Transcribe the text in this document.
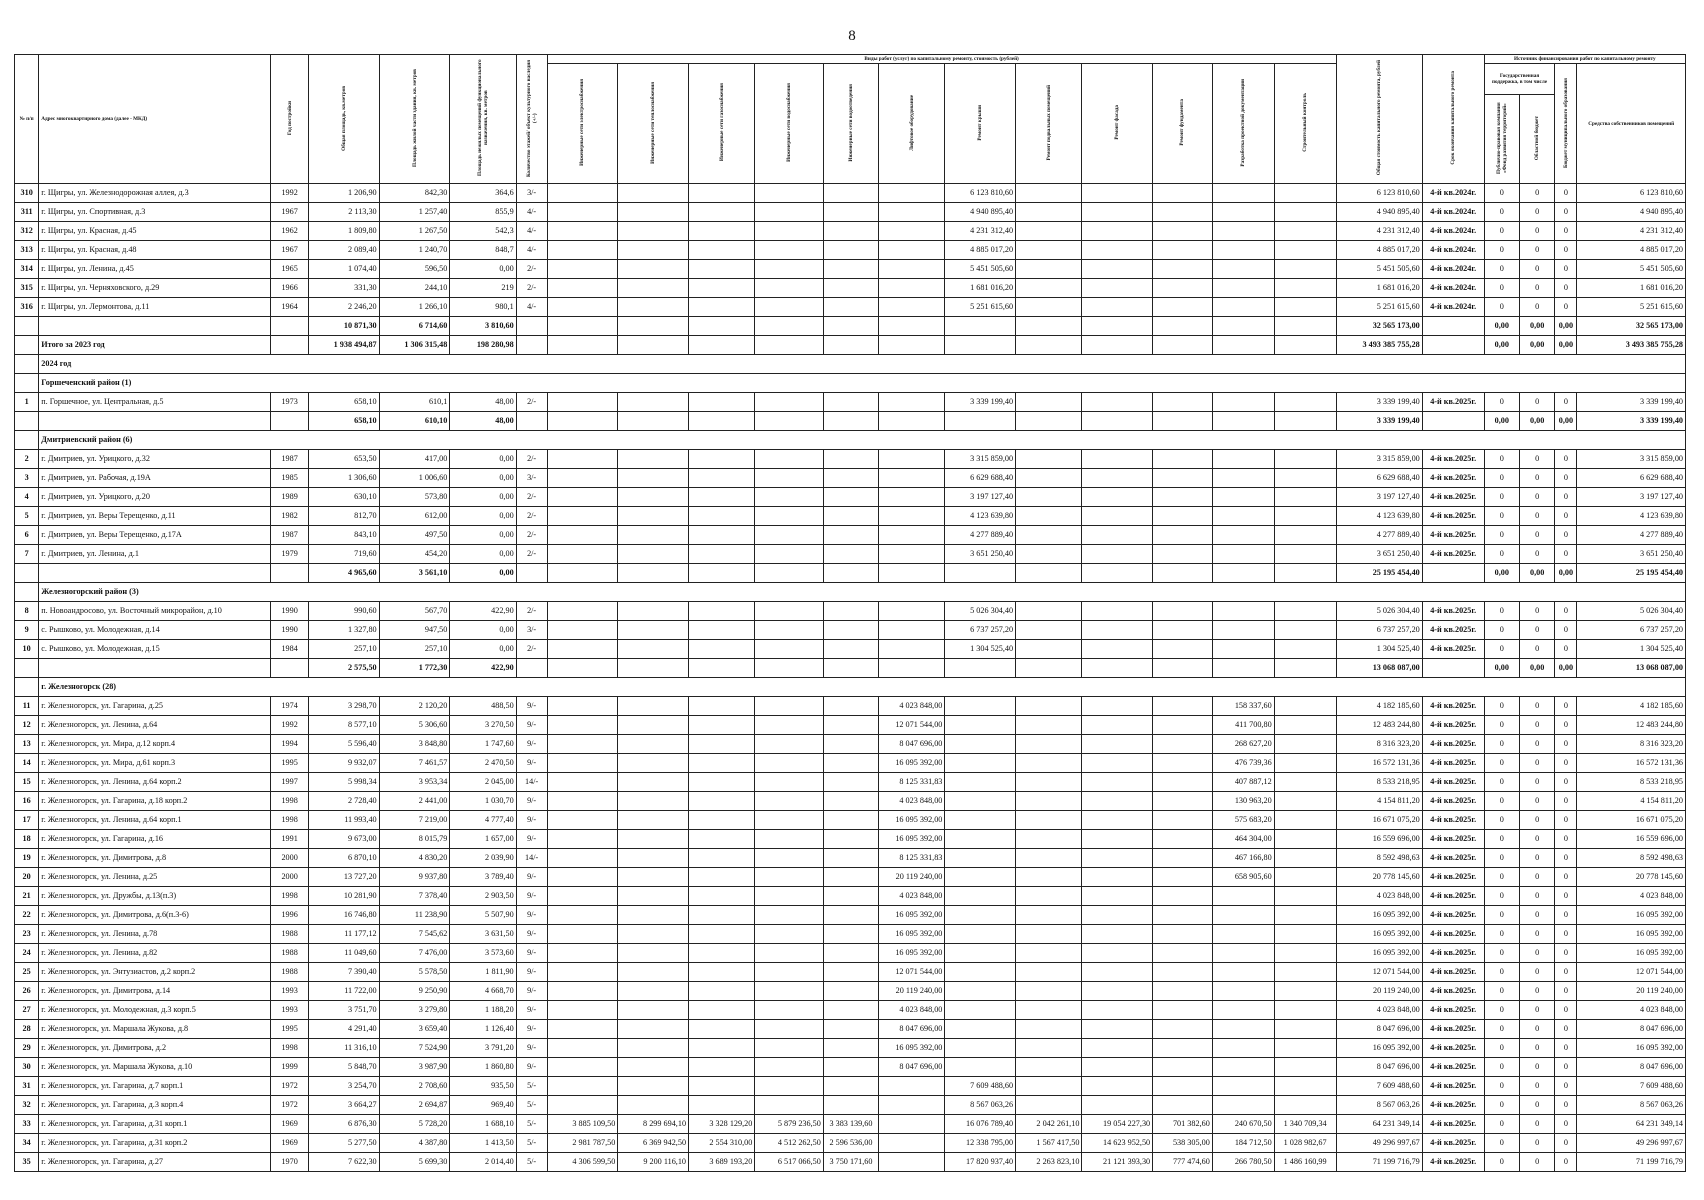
8
№ п/п	Адрес многоквартирного дома (далее - МКД)	Год постройки	Общая площадь, кв.метров	Площадь жилой части здания, кв. метров	Площадь нежилых помещений функционального назначения, кв. метров	Количество этажей/ объект культурного наследия (+/-)	Виды работ (услуг) по капитальному ремонту, стоимость (рублей)												Общая стоимость капитального ремонта, рублей	Срок окончания капитального ремонта	Источник финансирования работ по капитальному ремонту			
							Инженерные сети электроснабжения	Инженерные сети теплоснабжения	Инженерные сети газоснабжения	Инженерные сети водоснабжения	Инженерные сети водоотведения	Лифтовое оборудование	Ремонт крыши	Ремонт подвальных помещений	Ремонт фасада	Ремонт фундамента	Разработка проектной документации	Строительный контроль			Государственная поддержка, в том числе		Бюджет муниципального образования	Средства собственников помещений
																					Публично-правовая компания «Фонд развития территорий»	Областной бюджет		
310	г. Щигры, ул. Железнодорожная аллея, д.3	1992	1 206,90	842,30	364,6	3/-							6 123 810,60						6 123 810,60	4-й кв.2024г.	0	0	0	6 123 810,60
311	г. Щигры, ул. Спортивная, д.3	1967	2 113,30	1 257,40	855,9	4/-							4 940 895,40						4 940 895,40	4-й кв.2024г.	0	0	0	4 940 895,40
312	г. Щигры, ул. Красная, д.45	1962	1 809,80	1 267,50	542,3	4/-							4 231 312,40						4 231 312,40	4-й кв.2024г.	0	0	0	4 231 312,40
313	г. Щигры, ул. Красная, д.48	1967	2 089,40	1 240,70	848,7	4/-							4 885 017,20						4 885 017,20	4-й кв.2024г.	0	0	0	4 885 017,20
314	г. Щигры, ул. Ленина, д.45	1965	1 074,40	596,50	0,00	2/-							5 451 505,60						5 451 505,60	4-й кв.2024г.	0	0	0	5 451 505,60
315	г. Щигры, ул. Черняховского, д.29	1966	331,30	244,10	219	2/-							1 681 016,20						1 681 016,20	4-й кв.2024г.	0	0	0	1 681 016,20
316	г. Щигры, ул. Лермонтова, д.11	1964	2 246,20	1 266,10	980,1	4/-							5 251 615,60						5 251 615,60	4-й кв.2024г.	0	0	0	5 251 615,60
			10 871,30	6 714,60	3 810,60														32 565 173,00		0,00	0,00	0,00	32 565 173,00
	Итого за 2023 год		1 938 494,87	1 306 315,48	198 280,98														3 493 385 755,28		0,00	0,00	0,00	3 493 385 755,28
	2024 год																							
	Горшеченский район (1)																							
1	п. Горшечное, ул. Центральная, д.5	1973	658,10	610,1	48,00	2/-							3 339 199,40						3 339 199,40	4-й кв.2025г.	0	0	0	3 339 199,40
			658,10	610,10	48,00														3 339 199,40		0,00	0,00	0,00	3 339 199,40
	Дмитриевский район (6)																							
2	г. Дмитриев, ул. Урицкого, д.32	1987	653,50	417,00	0,00	2/-							3 315 859,00						3 315 859,00	4-й кв.2025г.	0	0	0	3 315 859,00
3	г. Дмитриев, ул. Рабочая, д.19А	1985	1 306,60	1 006,60	0,00	3/-							6 629 688,40						6 629 688,40	4-й кв.2025г.	0	0	0	6 629 688,40
4	г. Дмитриев, ул. Урицкого, д.20	1989	630,10	573,80	0,00	2/-							3 197 127,40						3 197 127,40	4-й кв.2025г.	0	0	0	3 197 127,40
5	г. Дмитриев, ул. Веры Терещенко, д.11	1982	812,70	612,00	0,00	2/-							4 123 639,80						4 123 639,80	4-й кв.2025г.	0	0	0	4 123 639,80
6	г. Дмитриев, ул. Веры Терещенко, д.17А	1987	843,10	497,50	0,00	2/-							4 277 889,40						4 277 889,40	4-й кв.2025г.	0	0	0	4 277 889,40
7	г. Дмитриев, ул. Ленина, д.1	1979	719,60	454,20	0,00	2/-							3 651 250,40						3 651 250,40	4-й кв.2025г.	0	0	0	3 651 250,40
			4 965,60	3 561,10	0,00														25 195 454,40		0,00	0,00	0,00	25 195 454,40
	Железногорский район (3)																							
8	п. Новоандросово, ул. Восточный микрорайон, д.10	1990	990,60	567,70	422,90	2/-							5 026 304,40						5 026 304,40	4-й кв.2025г.	0	0	0	5 026 304,40
9	с. Рышково, ул. Молодежная, д.14	1990	1 327,80	947,50	0,00	3/-							6 737 257,20						6 737 257,20	4-й кв.2025г.	0	0	0	6 737 257,20
10	с. Рышково, ул. Молодежная, д.15	1984	257,10	257,10	0,00	2/-							1 304 525,40						1 304 525,40	4-й кв.2025г.	0	0	0	1 304 525,40
			2 575,50	1 772,30	422,90														13 068 087,00		0,00	0,00	0,00	13 068 087,00
	г. Железногорск (28)																							
11	г. Железногорск, ул. Гагарина, д.25	1974	3 298,70	2 120,20	488,50	9/-						4 023 848,00					158 337,60		4 182 185,60	4-й кв.2025г.	0	0	0	4 182 185,60
12	г. Железногорск, ул. Ленина, д.64	1992	8 577,10	5 306,60	3 270,50	9/-						12 071 544,00					411 700,80		12 483 244,80	4-й кв.2025г.	0	0	0	12 483 244,80
13	г. Железногорск, ул. Мира, д.12 корп.4	1994	5 596,40	3 848,80	1 747,60	9/-						8 047 696,00					268 627,20		8 316 323,20	4-й кв.2025г.	0	0	0	8 316 323,20
14	г. Железногорск, ул. Мира, д.61 корп.3	1995	9 932,07	7 461,57	2 470,50	9/-						16 095 392,00					476 739,36		16 572 131,36	4-й кв.2025г.	0	0	0	16 572 131,36
15	г. Железногорск, ул. Ленина, д.64 корп.2	1997	5 998,34	3 953,34	2 045,00	14/-						8 125 331,83					407 887,12		8 533 218,95	4-й кв.2025г.	0	0	0	8 533 218,95
16	г. Железногорск, ул. Гагарина, д.18 корп.2	1998	2 728,40	2 441,00	1 030,70	9/-						4 023 848,00					130 963,20		4 154 811,20	4-й кв.2025г.	0	0	0	4 154 811,20
17	г. Железногорск, ул. Ленина, д.64 корп.1	1998	11 993,40	7 219,00	4 777,40	9/-						16 095 392,00					575 683,20		16 671 075,20	4-й кв.2025г.	0	0	0	16 671 075,20
18	г. Железногорск, ул. Гагарина, д.16	1991	9 673,00	8 015,79	1 657,00	9/-						16 095 392,00					464 304,00		16 559 696,00	4-й кв.2025г.	0	0	0	16 559 696,00
19	г. Железногорск, ул. Димитрова, д.8	2000	6 870,10	4 830,20	2 039,90	14/-						8 125 331,83					467 166,80		8 592 498,63	4-й кв.2025г.	0	0	0	8 592 498,63
20	г. Железногорск, ул. Ленина, д.25	2000	13 727,20	9 937,80	3 789,40	9/-						20 119 240,00					658 905,60		20 778 145,60	4-й кв.2025г.	0	0	0	20 778 145,60
21	г. Железногорск, ул. Дружбы, д.13(п.3)	1998	10 281,90	7 378,40	2 903,50	9/-						4 023 848,00							4 023 848,00	4-й кв.2025г.	0	0	0	4 023 848,00
22	г. Железногорск, ул. Димитрова, д.6(п.3-6)	1996	16 746,80	11 238,90	5 507,90	9/-						16 095 392,00							16 095 392,00	4-й кв.2025г.	0	0	0	16 095 392,00
23	г. Железногорск, ул. Ленина, д.78	1988	11 177,12	7 545,62	3 631,50	9/-						16 095 392,00							16 095 392,00	4-й кв.2025г.	0	0	0	16 095 392,00
24	г. Железногорск, ул. Ленина, д.82	1988	11 049,60	7 476,00	3 573,60	9/-						16 095 392,00							16 095 392,00	4-й кв.2025г.	0	0	0	16 095 392,00
25	г. Железногорск, ул. Энтузиастов, д.2 корп.2	1988	7 390,40	5 578,50	1 811,90	9/-						12 071 544,00							12 071 544,00	4-й кв.2025г.	0	0	0	12 071 544,00
26	г. Железногорск, ул. Димитрова, д.14	1993	11 722,00	9 250,90	4 668,70	9/-						20 119 240,00							20 119 240,00	4-й кв.2025г.	0	0	0	20 119 240,00
27	г. Железногорск, ул. Молодежная, д.3 корп.5	1993	3 751,70	3 279,80	1 188,20	9/-						4 023 848,00							4 023 848,00	4-й кв.2025г.	0	0	0	4 023 848,00
28	г. Железногорск, ул. Маршала Жукова, д.8	1995	4 291,40	3 659,40	1 126,40	9/-						8 047 696,00							8 047 696,00	4-й кв.2025г.	0	0	0	8 047 696,00
29	г. Железногорск, ул. Димитрова, д.2	1998	11 316,10	7 524,90	3 791,20	9/-						16 095 392,00							16 095 392,00	4-й кв.2025г.	0	0	0	16 095 392,00
30	г. Железногорск, ул. Маршала Жукова, д.10	1999	5 848,70	3 987,90	1 860,80	9/-						8 047 696,00							8 047 696,00	4-й кв.2025г.	0	0	0	8 047 696,00
31	г. Железногорск, ул. Гагарина, д.7 корп.1	1972	3 254,70	2 708,60	935,50	5/-							7 609 488,60						7 609 488,60	4-й кв.2025г.	0	0	0	7 609 488,60
32	г. Железногорск, ул. Гагарина, д.3 корп.4	1972	3 664,27	2 694,87	969,40	5/-							8 567 063,26						8 567 063,26	4-й кв.2025г.	0	0	0	8 567 063,26
33	г. Железногорск, ул. Гагарина, д.31 корп.1	1969	6 876,30	5 728,20	1 688,10	5/-	3 885 109,50	8 299 694,10	3 328 129,20	5 879 236,50	3 383 139,60		16 076 789,40	2 042 261,10	19 054 227,30	701 382,60	240 670,50	1 340 709,34	64 231 349,14	4-й кв.2025г.	0	0	0	64 231 349,14
34	г. Железногорск, ул. Гагарина, д.31 корп.2	1969	5 277,50	4 387,80	1 413,50	5/-	2 981 787,50	6 369 942,50	2 554 310,00	4 512 262,50	2 596 536,00		12 338 795,00	1 567 417,50	14 623 952,50	538 305,00	184 712,50	1 028 982,67	49 296 997,67	4-й кв.2025г.	0	0	0	49 296 997,67
35	г. Железногорск, ул. Гагарина, д.27	1970	7 622,30	5 699,30	2 014,40	5/-	4 306 599,50	9 200 116,10	3 689 193,20	6 517 066,50	3 750 171,60		17 820 937,40	2 263 823,10	21 121 393,30	777 474,60	266 780,50	1 486 160,99	71 199 716,79	4-й кв.2025г.	0	0	0	71 199 716,79
